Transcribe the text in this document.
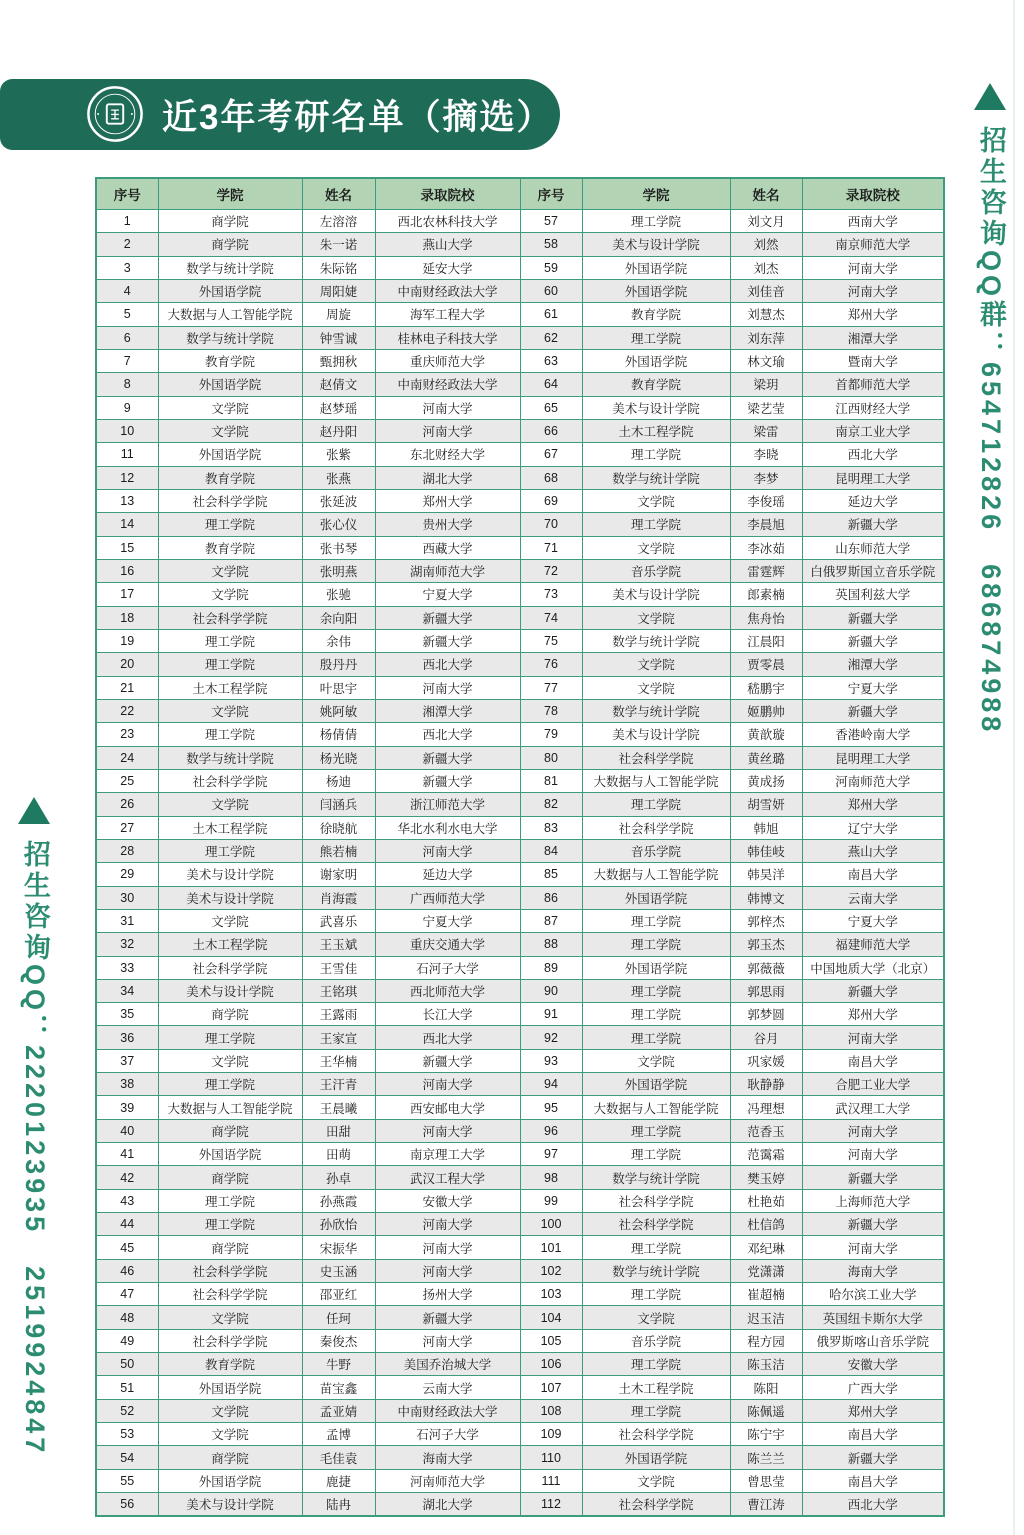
近3年考研名单（摘选）
招生咨询QQ群：654712826　686874988
招生咨询QQ：2220123935　2519924847
序号	学院	姓名	录取院校	序号	学院	姓名	录取院校
1	商学院	左溶溶	西北农林科技大学	57	理工学院	刘文月	西南大学
2	商学院	朱一诺	燕山大学	58	美术与设计学院	刘然	南京师范大学
3	数学与统计学院	朱际铭	延安大学	59	外国语学院	刘杰	河南大学
4	外国语学院	周阳婕	中南财经政法大学	60	外国语学院	刘佳音	河南大学
5	大数据与人工智能学院	周旋	海军工程大学	61	教育学院	刘慧杰	郑州大学
6	数学与统计学院	钟雪诚	桂林电子科技大学	62	理工学院	刘东萍	湘潭大学
7	教育学院	甄拥秋	重庆师范大学	63	外国语学院	林文瑜	暨南大学
8	外国语学院	赵倩文	中南财经政法大学	64	教育学院	梁玥	首都师范大学
9	文学院	赵梦瑶	河南大学	65	美术与设计学院	梁艺莹	江西财经大学
10	文学院	赵丹阳	河南大学	66	土木工程学院	梁雷	南京工业大学
11	外国语学院	张紫	东北财经大学	67	理工学院	李晓	西北大学
12	教育学院	张燕	湖北大学	68	数学与统计学院	李梦	昆明理工大学
13	社会科学学院	张延波	郑州大学	69	文学院	李俊瑶	延边大学
14	理工学院	张心仪	贵州大学	70	理工学院	李晨旭	新疆大学
15	教育学院	张书琴	西藏大学	71	文学院	李冰茹	山东师范大学
16	文学院	张明燕	湖南师范大学	72	音乐学院	雷霆辉	白俄罗斯国立音乐学院
17	文学院	张驰	宁夏大学	73	美术与设计学院	郎素楠	英国利兹大学
18	社会科学学院	余向阳	新疆大学	74	文学院	焦舟怡	新疆大学
19	理工学院	余伟	新疆大学	75	数学与统计学院	江晨阳	新疆大学
20	理工学院	殷丹丹	西北大学	76	文学院	贾零晨	湘潭大学
21	土木工程学院	叶思宇	河南大学	77	文学院	嵇鹏宇	宁夏大学
22	文学院	姚阿敏	湘潭大学	78	数学与统计学院	姬鹏帅	新疆大学
23	理工学院	杨倩倩	西北大学	79	美术与设计学院	黄歆璇	香港岭南大学
24	数学与统计学院	杨光晓	新疆大学	80	社会科学学院	黄丝璐	昆明理工大学
25	社会科学学院	杨迪	新疆大学	81	大数据与人工智能学院	黄成扬	河南师范大学
26	文学院	闫涵兵	浙江师范大学	82	理工学院	胡雪妍	郑州大学
27	土木工程学院	徐晓航	华北水利水电大学	83	社会科学学院	韩旭	辽宁大学
28	理工学院	熊若楠	河南大学	84	音乐学院	韩佳岐	燕山大学
29	美术与设计学院	谢家明	延边大学	85	大数据与人工智能学院	韩昊洋	南昌大学
30	美术与设计学院	肖海霞	广西师范大学	86	外国语学院	韩博文	云南大学
31	文学院	武喜乐	宁夏大学	87	理工学院	郭梓杰	宁夏大学
32	土木工程学院	王玉斌	重庆交通大学	88	理工学院	郭玉杰	福建师范大学
33	社会科学学院	王雪佳	石河子大学	89	外国语学院	郭薇薇	中国地质大学（北京）
34	美术与设计学院	王铭琪	西北师范大学	90	理工学院	郭思雨	新疆大学
35	商学院	王露雨	长江大学	91	理工学院	郭梦圆	郑州大学
36	理工学院	王家宣	西北大学	92	理工学院	谷月	河南大学
37	文学院	王华楠	新疆大学	93	文学院	巩家媛	南昌大学
38	理工学院	王汗青	河南大学	94	外国语学院	耿静静	合肥工业大学
39	大数据与人工智能学院	王晨曦	西安邮电大学	95	大数据与人工智能学院	冯理想	武汉理工大学
40	商学院	田甜	河南大学	96	理工学院	范香玉	河南大学
41	外国语学院	田萌	南京理工大学	97	理工学院	范霭霜	河南大学
42	商学院	孙卓	武汉工程大学	98	数学与统计学院	樊玉婷	新疆大学
43	理工学院	孙燕霞	安徽大学	99	社会科学学院	杜艳茹	上海师范大学
44	理工学院	孙欣怡	河南大学	100	社会科学学院	杜信鸽	新疆大学
45	商学院	宋振华	河南大学	101	理工学院	邓纪琳	河南大学
46	社会科学学院	史玉涵	河南大学	102	数学与统计学院	党潇潇	海南大学
47	社会科学学院	邵亚红	扬州大学	103	理工学院	崔超楠	哈尔滨工业大学
48	文学院	任珂	新疆大学	104	文学院	迟玉洁	英国纽卡斯尔大学
49	社会科学学院	秦俊杰	河南大学	105	音乐学院	程方园	俄罗斯喀山音乐学院
50	教育学院	牛野	美国乔治城大学	106	理工学院	陈玉洁	安徽大学
51	外国语学院	苗宝鑫	云南大学	107	土木工程学院	陈阳	广西大学
52	文学院	孟亚婧	中南财经政法大学	108	理工学院	陈佩遥	郑州大学
53	文学院	孟博	石河子大学	109	社会科学学院	陈宁宇	南昌大学
54	商学院	毛佳袁	海南大学	110	外国语学院	陈兰兰	新疆大学
55	外国语学院	鹿捷	河南师范大学	111	文学院	曾思莹	南昌大学
56	美术与设计学院	陆冉	湖北大学	112	社会科学学院	曹江涛	西北大学
